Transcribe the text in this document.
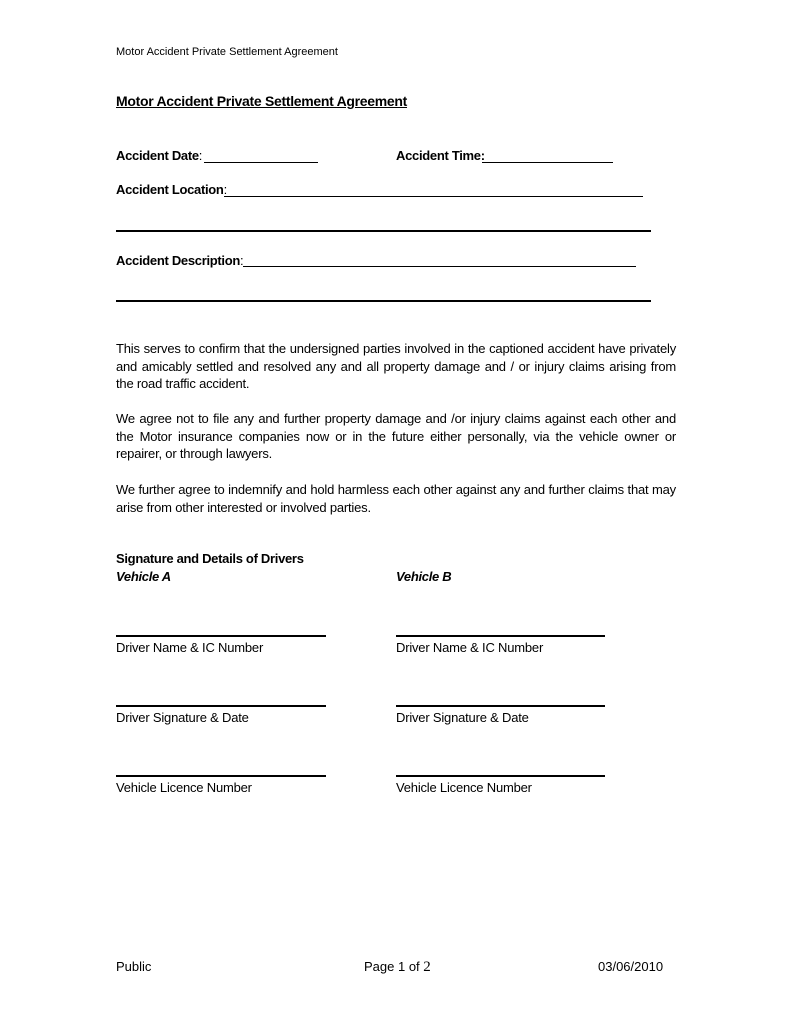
Motor Accident Private Settlement Agreement
Motor Accident Private Settlement Agreement
Accident Date:	Accident Time:
Accident Location:
Accident Description:
This serves to confirm that the undersigned parties involved in the captioned accident have privately and amicably settled and resolved any and all property damage and / or injury claims arising from the road traffic accident.
We agree not to file any and further property damage and /or injury claims against each other and the Motor insurance companies now or in the future either personally, via the vehicle owner or repairer, or through lawyers.
We further agree to indemnify and hold harmless each other against any and further claims that may arise from other interested or involved parties.
Signature and Details of Drivers
Vehicle A	Vehicle B
Driver Name & IC Number	Driver Name & IC Number
Driver Signature & Date	Driver Signature & Date
Vehicle Licence Number	Vehicle Licence Number
Public	Page 1 of 2	03/06/2010
